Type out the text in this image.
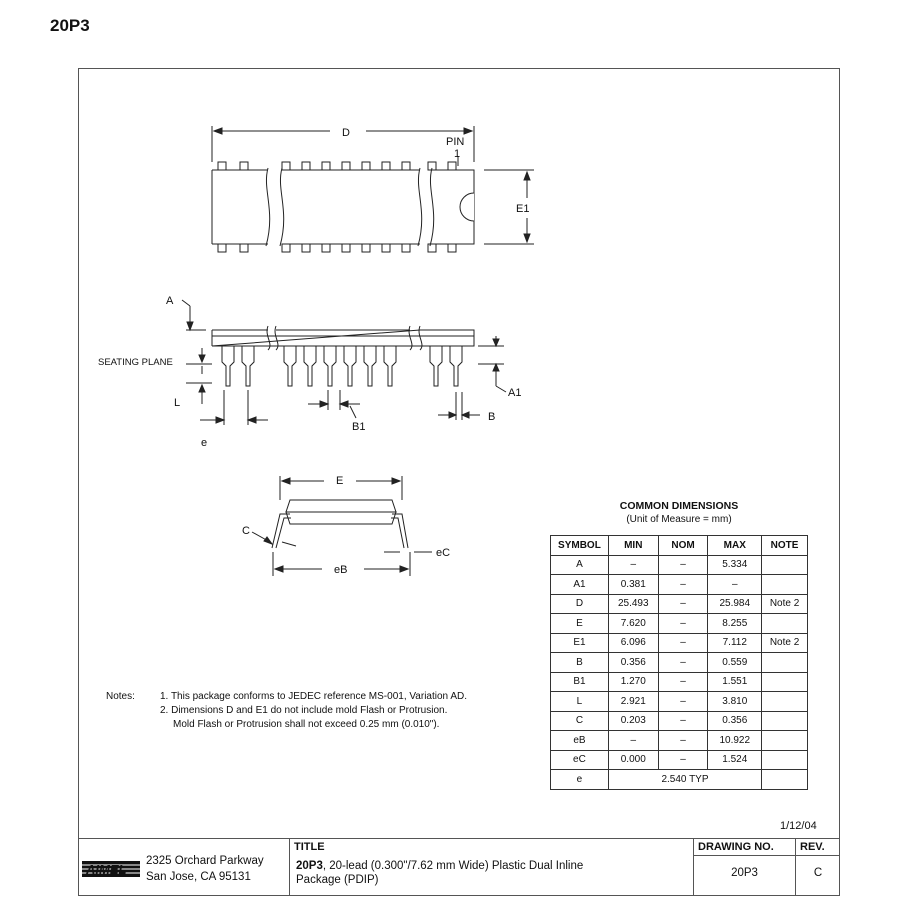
20P3
D
PIN
1
E1
A
SEATING PLANE
L
A1
B1
B
e
E
C
eC
eB
Notes:	1. This package conforms to JEDEC reference MS-001, Variation AD.
2. Dimensions D and E1 do not include mold Flash or Protrusion.
Mold Flash or Protrusion shall not exceed 0.25 mm (0.010").
COMMON DIMENSIONS
(Unit of Measure = mm)
SYMBOL	MIN	NOM	MAX	NOTE
A	–	–	5.334	
A1	0.381	–	–	
D	25.493	–	25.984	Note 2
E	7.620	–	8.255	
E1	6.096	–	7.112	Note 2
B	0.356	–	0.559	
B1	1.270	–	1.551	
L	2.921	–	3.810	
C	0.203	–	0.356	
eB	–	–	10.922	
eC	0.000	–	1.524	
e	2.540 TYP			
1/12/04
AIMEL
2325 Orchard Parkway
San Jose, CA 95131
TITLE
20P3, 20-lead (0.300"/7.62 mm Wide) Plastic Dual Inline Package (PDIP)
DRAWING NO.
20P3
REV.
C
